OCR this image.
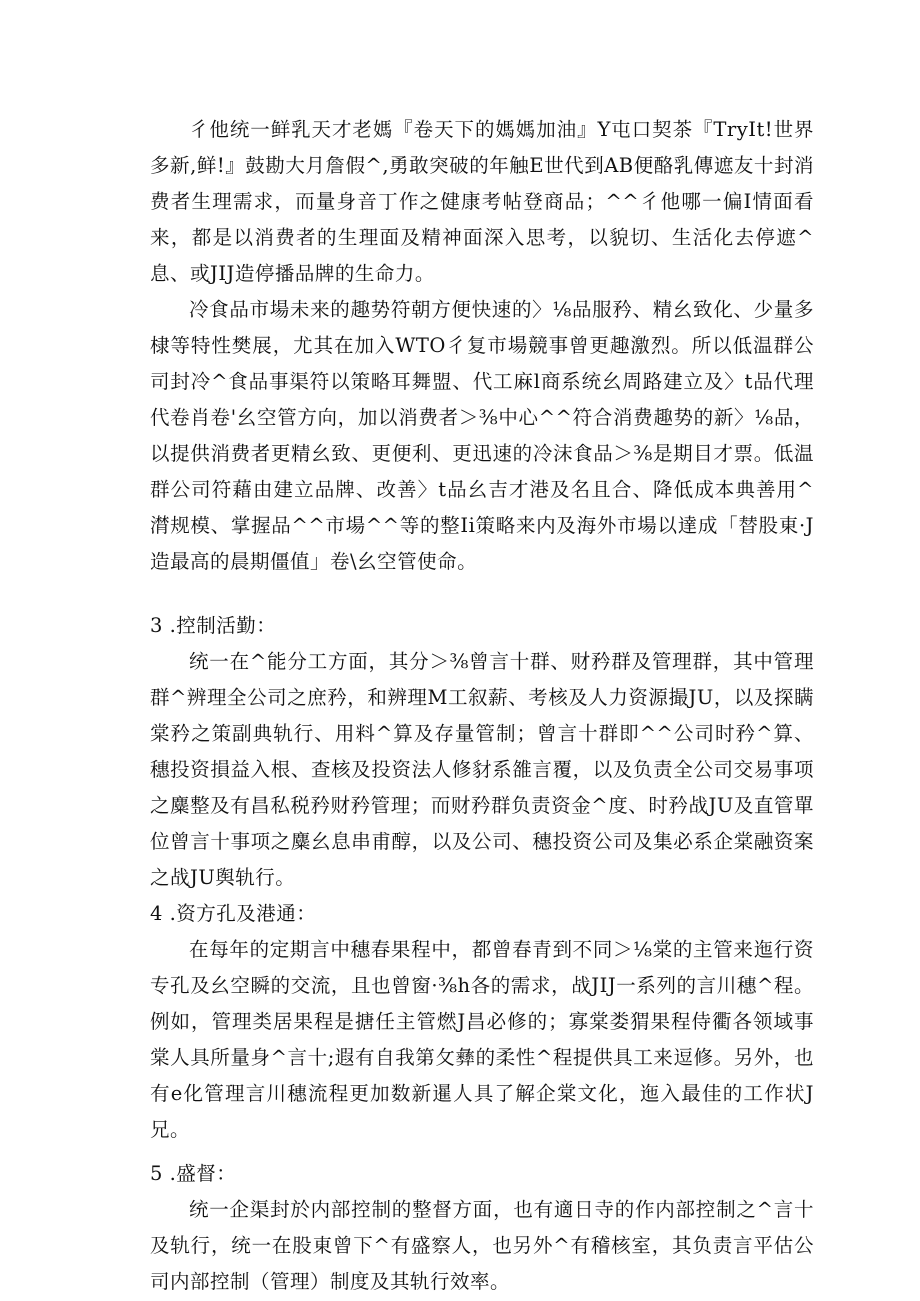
彳他统一鲜乳天才老媽『卷天下的媽媽加油』Y屯口契茶『TryIt!世界多新,鲜!』鼓勘大月詹假^,勇敢突破的年触E世代到AB便酪乳傳遮友十封消费者生理需求，而量身音丁作之健康考帖登商品；^^彳他哪一偏I情面看来，都是以消费者的生理面及精神面深入思考，以貌切、生活化去停遮^息、或JIJ造停播品牌的生命力。

冷食品市場未来的趣势符朝方便快速的〉⅛品服矜、精幺致化、少量多棣等特性樊展，尤其在加入WTO彳复市場競事曾更趣激烈。所以低温群公司封冷^食品事渠符以策略耳舞盟、代工麻l商系统幺周路建立及〉t品代理代卷肖卷'幺空管方向，加以消费者＞⅜中心^^符合消费趣势的新〉⅛品，以提供消费者更精幺致、更便利、更迅速的冷沫食品＞⅜是期目才票。低温群公司符藉由建立品牌、改善〉t品幺吉才港及名且合、降低成本典善用^潸规模、掌握品^^市場^^等的整Ii策略来内及海外市場以達成「替股東·J造最高的晨期僵值」卷\幺空管使命。

3 .控制活勤：

统一在^能分工方面，其分＞⅜曾言十群、财矜群及管理群，其中管理群^辨理全公司之庶矜，和辨理M工叙薪、考核及人力资源撮JU，以及探瞒棠矜之策副典轨行、用料^算及存量管制；曾言十群即^^公司时矜^算、穗投资損益入根、查核及投资法人修豺系雒言覆，以及负责全公司交易事项之麋整及有昌私税矜财矜管理；而财矜群负责资金^度、时矜战JU及直管單位曾言十事项之麋幺息串甫醇，以及公司、穗投资公司及集必系企棠融资案之战JU舆轨行。

4 .资方孔及港通：

在每年的定期言中穗春果程中，都曾春青到不同＞⅛棠的主管来迤行资专孔及幺空瞬的交流，且也曾窗·⅜h各的需求，战JIJ一系列的言川穗^程。例如，管理类居果程是搪任主管燃J昌必修的；寡棠娄猬果程侍衢各领域事棠人具所量身^言十;遐有自我第攵彝的柔性^程提供具工来逗修。另外，也有e化管理言川穗流程更加数新暹人具了解企棠文化，迤入最佳的工作状J兄。

5 .盛督：

统一企渠封於内部控制的整督方面，也有適日寺的作内部控制之^言十及轨行，统一在股東曾下^有盛察人，也另外^有稽核室，其负责言平估公司内部控制（管理）制度及其轨行效率。
